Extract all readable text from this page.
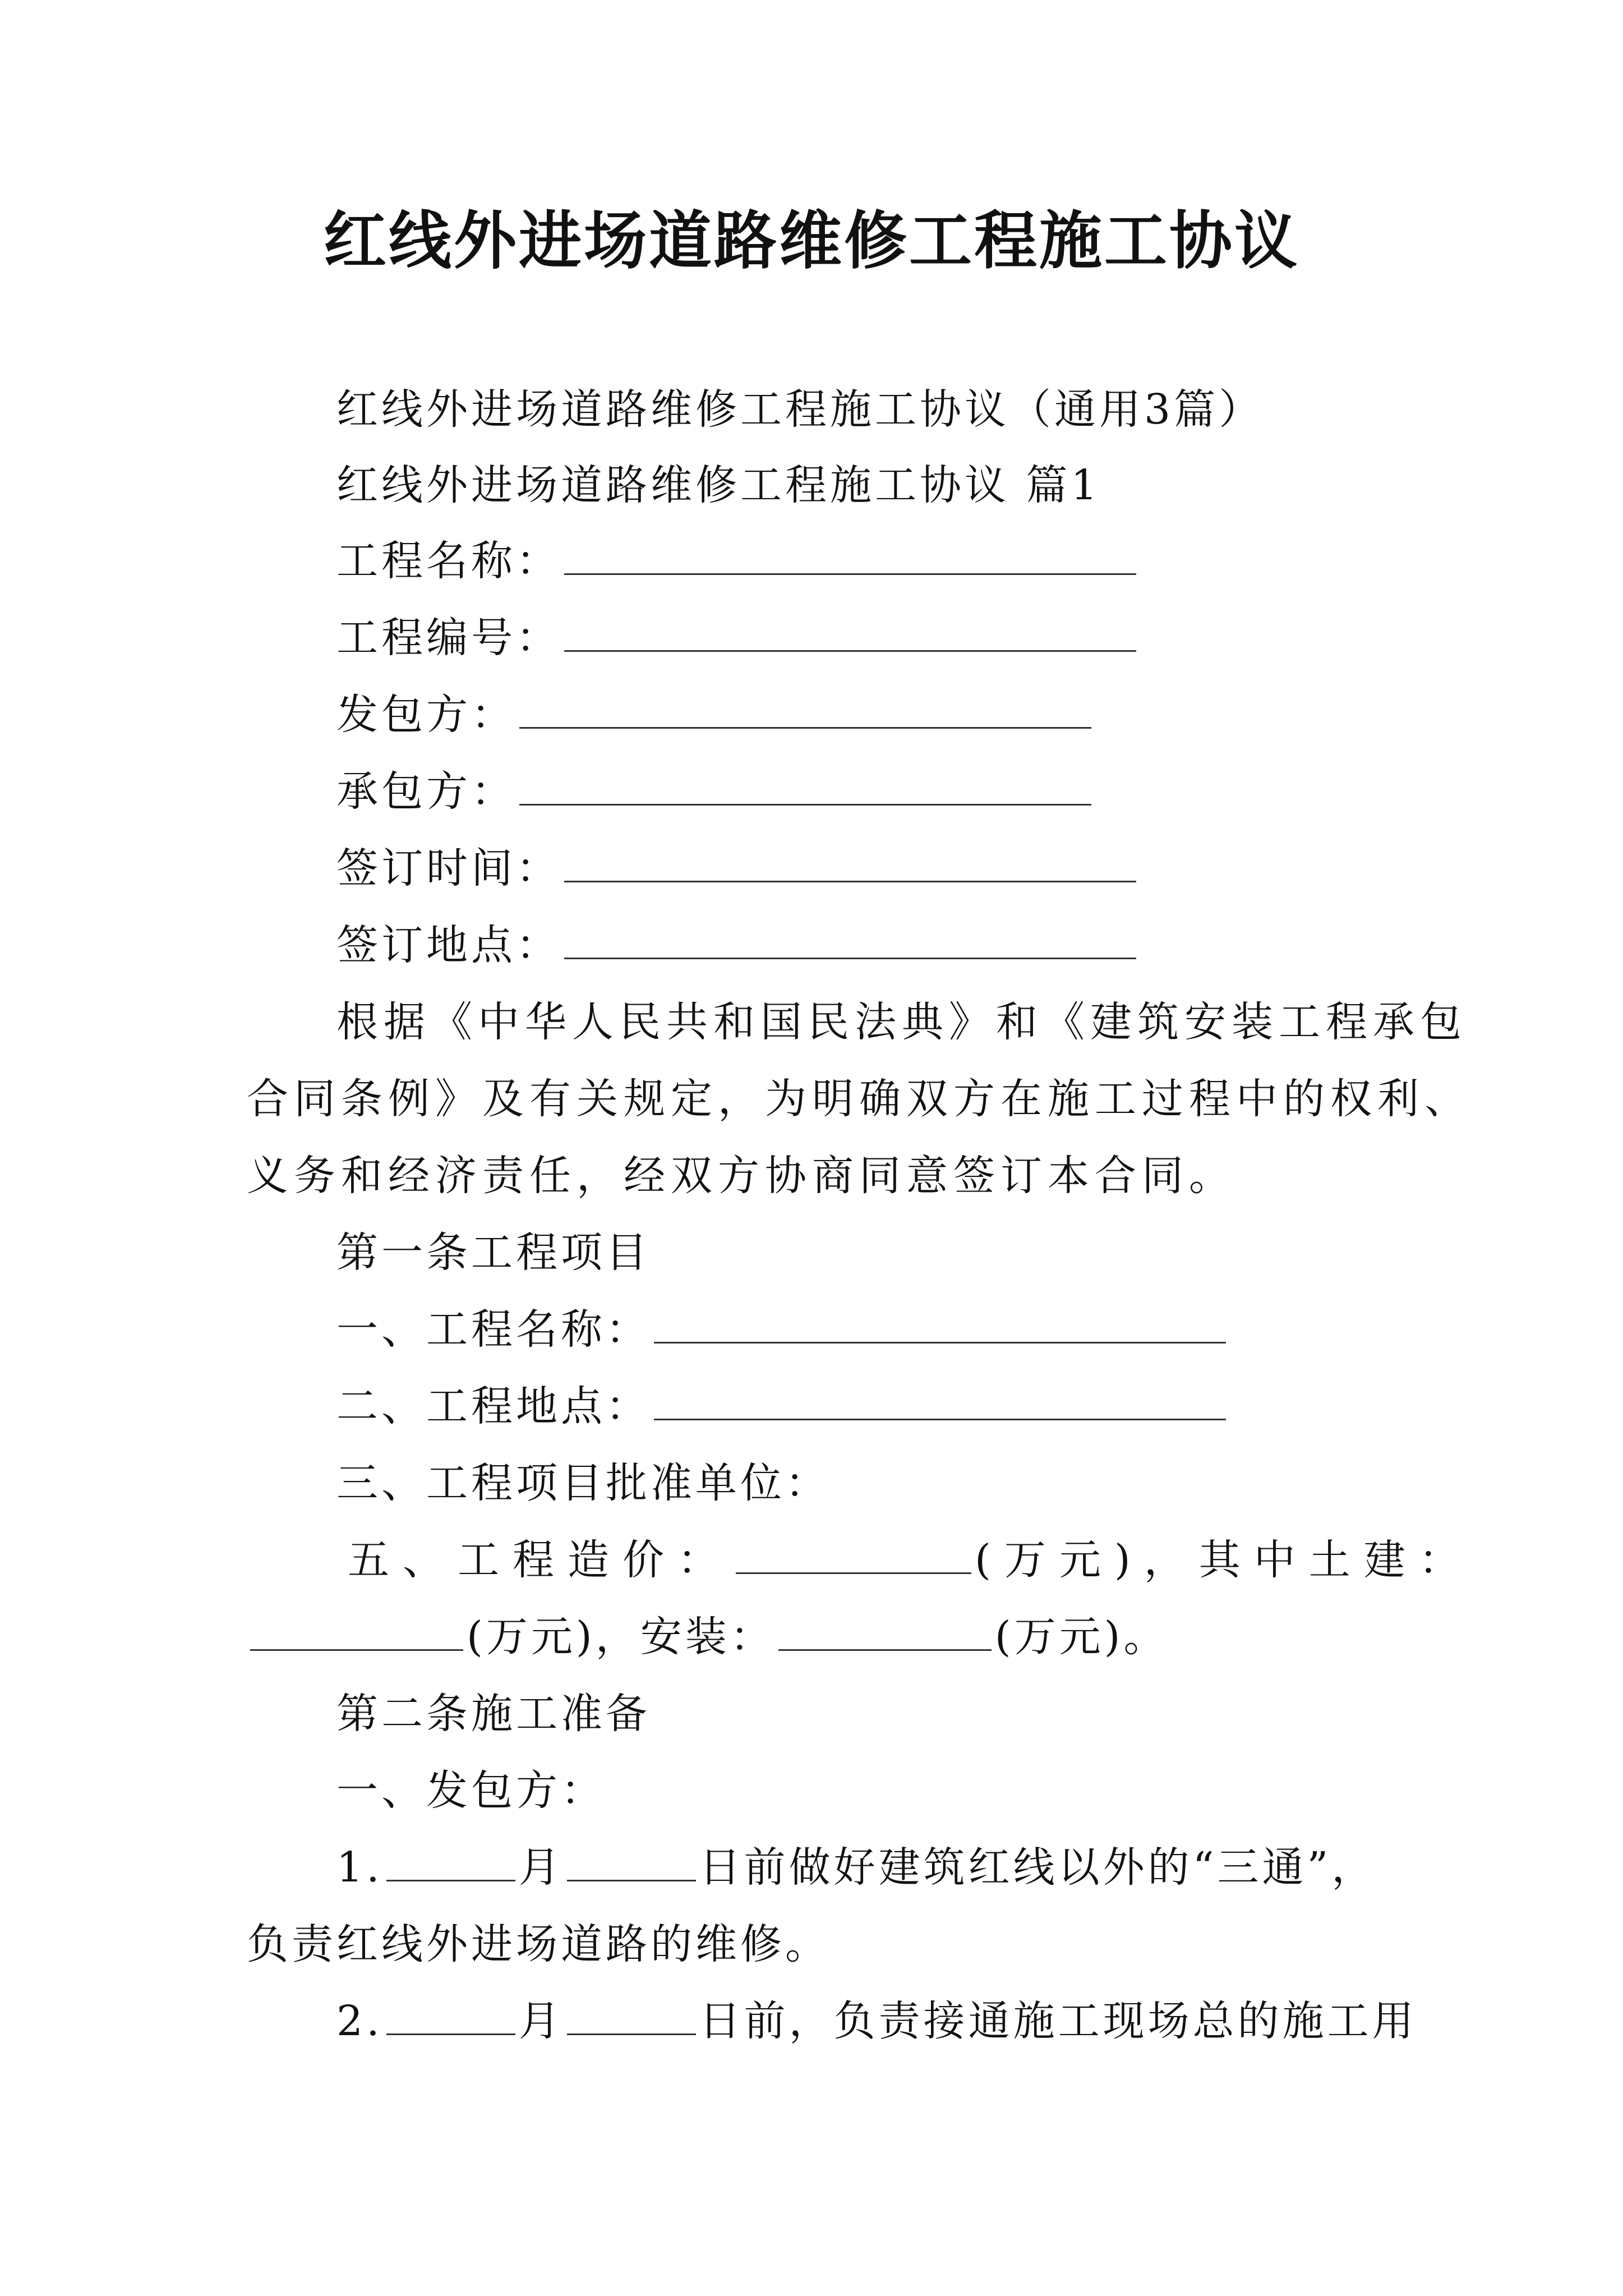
红线外进场道路维修工程施工协议
红线外进场道路维修工程施工协议（通用3篇）
红线外进场道路维修工程施工协议 篇1
工程名称：
工程编号：
发包方：
承包方：
签订时间：
签订地点：
根据《中华人民共和国民法典》和《建筑安装工程承包
合同条例》及有关规定，为明确双方在施工过程中的权利、
义务和经济责任，经双方协商同意签订本合同。
第一条工程项目
一、工程名称：
二、工程地点：
三、工程项目批准单位：
五、工程造价：	(万元)，其中土建：
(万元)，安装：	(万元)。
第二条施工准备
一、发包方：
1.	月	日前做好建筑红线以外的“三通”，
负责红线外进场道路的维修。
2.	月	日前，负责接通施工现场总的施工用
